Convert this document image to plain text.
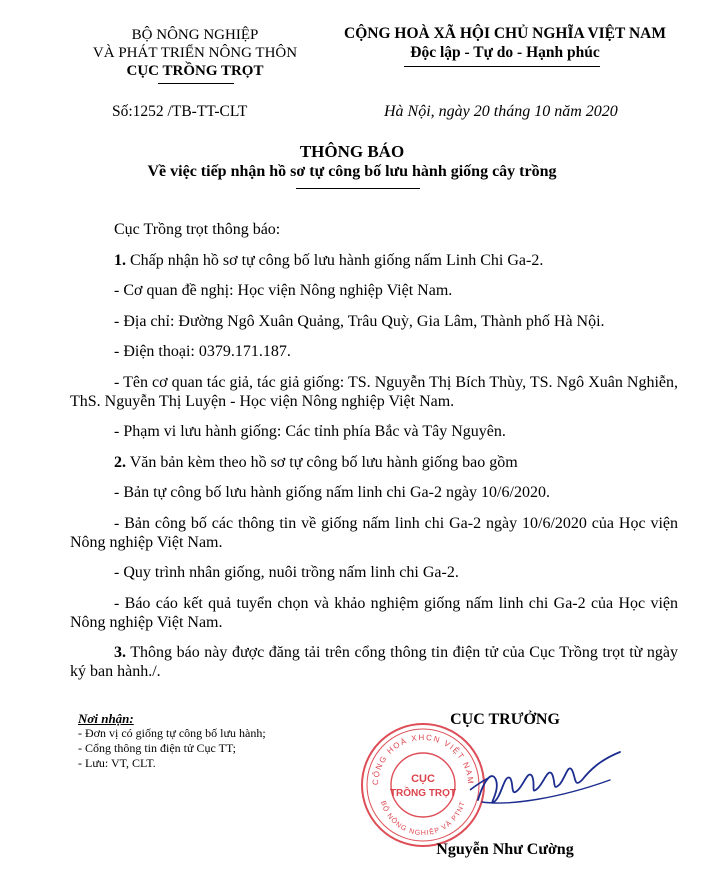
BỘ NÔNG NGHIỆP
VÀ PHÁT TRIỂN NÔNG THÔN
CỤC TRỒNG TRỌT
CỘNG HOÀ XÃ HỘI CHỦ NGHĨA VIỆT NAM
Độc lập - Tự do - Hạnh phúc
Số:1252 /TB-TT-CLT	Hà Nội, ngày 20 tháng 10 năm 2020
THÔNG BÁO
Về việc tiếp nhận hồ sơ tự công bố lưu hành giống cây trồng

Cục Trồng trọt thông báo:

1. Chấp nhận hồ sơ tự công bố lưu hành giống nấm Linh Chi Ga-2.

- Cơ quan đề nghị: Học viện Nông nghiệp Việt Nam.

- Địa chỉ: Đường Ngô Xuân Quảng, Trâu Quỳ, Gia Lâm, Thành phố Hà Nội.

- Điện thoại: 0379.171.187.

- Tên cơ quan tác giả, tác giả giống: TS. Nguyễn Thị Bích Thùy, TS. Ngô Xuân Nghiễn, ThS. Nguyễn Thị Luyện - Học viện Nông nghiệp Việt Nam.

- Phạm vi lưu hành giống: Các tỉnh phía Bắc và Tây Nguyên.

2. Văn bản kèm theo hồ sơ tự công bố lưu hành giống bao gồm

- Bản tự công bố lưu hành giống nấm linh chi Ga-2 ngày 10/6/2020.

- Bản công bố các thông tin về giống nấm linh chi Ga-2 ngày 10/6/2020 của Học viện Nông nghiệp Việt Nam.

- Quy trình nhân giống, nuôi trồng nấm linh chi Ga-2.

- Báo cáo kết quả tuyển chọn và khảo nghiệm giống nấm linh chi Ga-2 của Học viện Nông nghiệp Việt Nam.

3. Thông báo này được đăng tải trên cổng thông tin điện tử của Cục Trồng trọt từ ngày ký ban hành./.

Nơi nhận:
- Đơn vị có giống tự công bố lưu hành;
- Cổng thông tin điện tử Cục TT;
- Lưu: VT, CLT.
CỤC TRƯỞNG
CỘNG HOÀ XHCN VIỆT NAM
BỘ NÔNG NGHIỆP VÀ PTNT
CỤC
TRỒNG TRỌT
Nguyễn Như Cường
